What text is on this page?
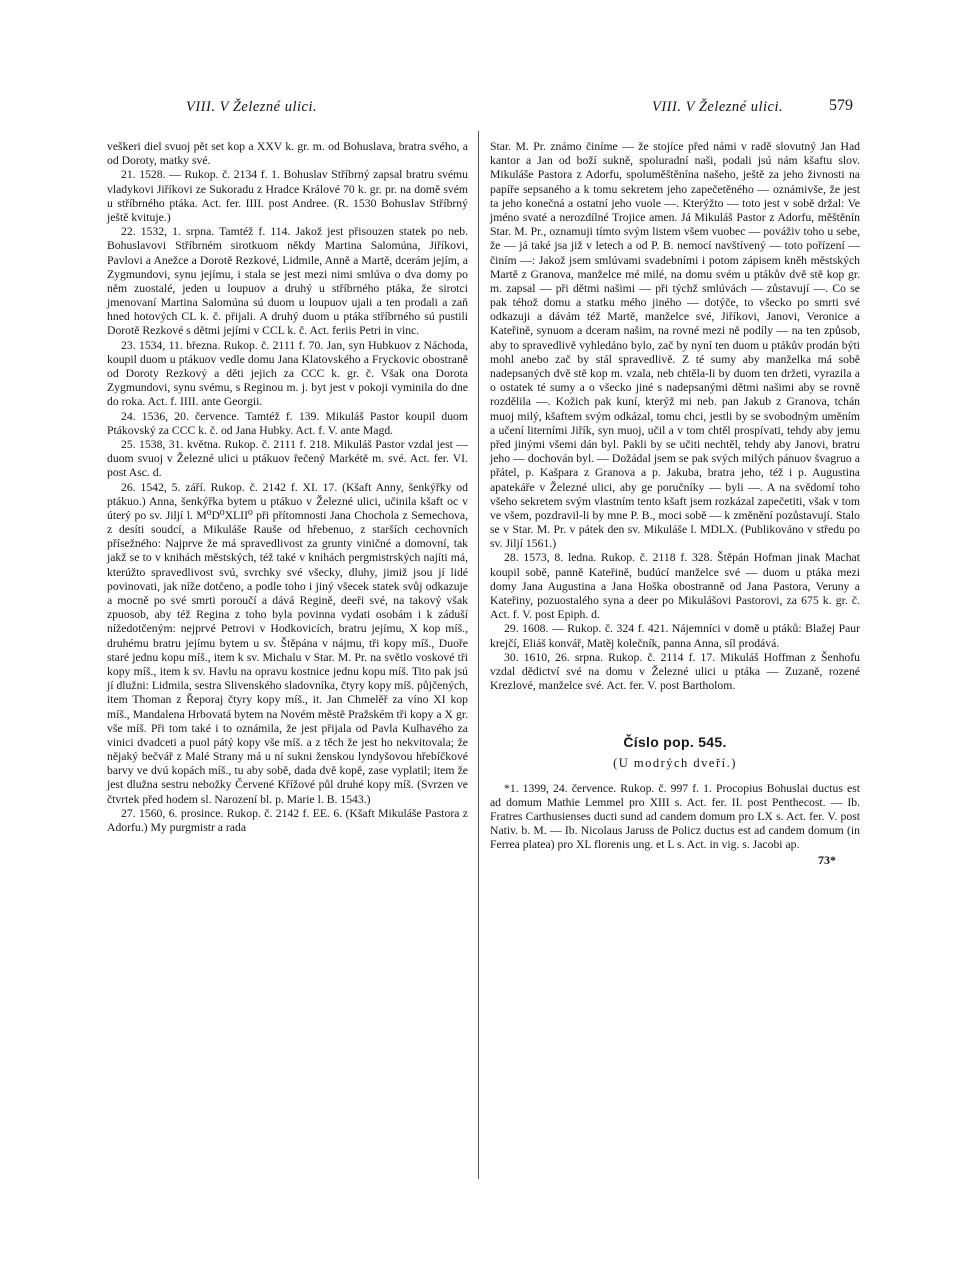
VIII. V Železné ulici.	VIII. V Železné ulici.	579

veškeri diel svuoj pět set kop a XXV k. gr. m. od Bohuslava, bratra svého, a od Doroty, matky své.

21. 1528. — Rukop. č. 2134 f. 1. Bohuslav Stříbrný zapsal bratru svému vladykovi Jiříkovi ze Sukoradu z Hradce Králové 70 k. gr. pr. na domě svém u stříbrného ptáka. Act. fer. IIII. post Andree. (R. 1530 Bohuslav Stříbrný ještě kvituje.)

22. 1532, 1. srpna. Tamtéž f. 114. Jakož jest přisouzen statek po neb. Bohuslavovi Stříbrném sirotkuom někdy Martina Salomúna, Jiříkovi, Pavlovi a Anežce a Dorotě Rezkové, Lidmile, Anně a Martě, dcerám jejím, a Zygmundovi, synu jejímu, i stala se jest mezi nimi smlúva o dva domy po něm zuostalé, jeden u loupuov a druhý u stříbrného ptáka, že sirotci jmenovaní Martina Salomúna sú duom u loupuov ujali a ten prodali a zaň hned hotových CL k. č. přijali. A druhý duom u ptáka stříbrného sú pustili Dorotě Rezkové s dětmi jejími v CCL k. č. Act. feriis Petri in vinc.

23. 1534, 11. března. Rukop. č. 2111 f. 70. Jan, syn Hubkuov z Náchoda, koupil duom u ptákuov vedle domu Jana Klatovského a Fryckovic obostraně od Doroty Rezkový a děti jejich za CCC k. gr. č. Však ona Dorota Zygmundovi, synu svému, s Reginou m. j. byt jest v pokoji vyminila do dne do roka. Act. f. IIII. ante Georgii.

24. 1536, 20. července. Tamtéž f. 139. Mikuláš Pastor koupil duom Ptákovský za CCC k. č. od Jana Hubky. Act. f. V. ante Magd.

25. 1538, 31. května. Rukop. č. 2111 f. 218. Mikuláš Pastor vzdal jest — duom svuoj v Železné ulici u ptákuov řečený Markétě m. své. Act. fer. VI. post Asc. d.

26. 1542, 5. září. Rukop. č. 2142 f. XI. 17. (Kšaft Anny, šenkýřky od ptákuo.) Anna, šenkýřka bytem u ptákuo v Železné ulici, učinila kšaft oc v úterý po sv. Jiljí l. M⁰D⁰XLII⁰ při přítomnosti Jana Chochola z Semechova, z desíti soudcí, a Mikuláše Rauše od hřebenuo, z starších cechovních přísežného: Najprve že má spravedlivost za grunty viničné a domovní, tak jakž se to v knihách městských, též také v knihách pergmistrských najíti má, kterúžto spravedlivost svú, svrchky své všecky, dluhy, jimiž jsou jí lidé povinovati, jak níže dotčeno, a podle toho i jiný všecek statek svůj odkazuje a mocně po své smrti poroučí a dává Regině, deeři své, na takový však zpuosob, aby též Regina z toho byla povinna vydati osobám i k záduší nížedotčeným: nejprvé Petrovi v Hodkovicích, bratru jejímu, X kop míš., druhému bratru jejímu bytem u sv. Štěpána v nájmu, tři kopy míš., Duoře staré jednu kopu míš., item k sv. Michalu v Star. M. Pr. na světlo voskové tři kopy míš., item k sv. Havlu na opravu kostnice jednu kopu míš. Tito pak jsú jí dlužni: Lidmila, sestra Slivenského sladovníka, čtyry kopy míš. půjčených, item Thoman z Řeporaj čtyry kopy míš., it. Jan Chmelěř za víno XI kop míš., Mandalena Hrbovatá bytem na Novém městě Pražském tři kopy a X gr. vše míš. Při tom také i to oznámila, že jest přijala od Pavla Kulhavého za vinici dvadceti a puol pátý kopy vše míš. a z těch že jest ho nekvitovala; že nějaký bečvář z Malé Strany má u ní sukni ženskou lyndyšovou hřebíčkové barvy ve dvú kopách míš., tu aby sobě, dada dvě kopě, zase vyplatil; item že jest dlužna sestru nebožky Červené Křížové půl druhé kopy míš. (Svrzen ve čtvrtek před hodem sl. Narození bl. p. Marie l. B. 1543.)

27. 1560, 6. prosince. Rukop. č. 2142 f. EE. 6. (Kšaft Mikuláše Pastora z Adorfu.) My purgmistr a rada

Star. M. Pr. známo činíme — že stojíce před námi v radě slovutný Jan Had kantor a Jan od boží sukně, spoluradní naši, podali jsú nám kšaftu slov. Mikuláše Pastora z Adorfu, spoluměštěnína našeho, ještě za jeho živnosti na papíře sepsaného a k tomu sekretem jeho zapečetěného — oznámivše, že jest ta jeho konečná a ostatní jeho vuole —. Kterýžto — toto jest v sobě držal: Ve jméno svaté a nerozdílné Trojice amen. Já Mikuláš Pastor z Adorfu, měštěnín Star. M. Pr., oznamuji tímto svým listem všem vuobec — pováživ toho u sebe, že — já také jsa již v letech a od P. B. nemocí navštívený — toto pořízení — činím —: Jakož jsem smlúvami svadebními i potom zápisem kněh městských Martě z Granova, manželce mé milé, na domu svém u ptákův dvě stě kop gr. m. zapsal — při dětmi našimi — při týchž smlúvách — zůstavují —. Co se pak téhož domu a statku mého jiného — dotýče, to všecko po smrti své odkazuji a dávám též Martě, manželce své, Jiříkovi, Janovi, Veronice a Kateřině, synuom a dceram našim, na rovné mezi ně podíly — na ten způsob, aby to spravedlivě vyhledáno bylo, zač by nyní ten duom u ptákův prodán býti mohl anebo zač by stál spravedlivě. Z té sumy aby manželka má sobě nadepsaných dvě stě kop m. vzala, neb chtěla-li by duom ten držeti, vyrazila a o ostatek té sumy a o všecko jiné s nadepsanými dětmi našimi aby se rovně rozdělila —. Kožich pak kuní, kterýž mi neb. pan Jakub z Granova, tchán muoj milý, kšaftem svým odkázal, tomu chci, jestli by se svobodným uměním a učení literními Jiřík, syn muoj, učil a v tom chtěl prospívati, tehdy aby jemu před jinými všemi dán byl. Pakli by se učiti nechtěl, tehdy aby Janovi, bratru jeho — dochován byl. — Dožádal jsem se pak svých milých pánuov švagruo a přátel, p. Kašpara z Granova a p. Jakuba, bratra jeho, též i p. Augustina apatekáře v Železné ulici, aby ge poručníky — byli —. A na svědomí toho všeho sekretem svým vlastním tento kšaft jsem rozkázal zapečetiti, však v tom ve všem, pozdravil-li by mne P. B., moci sobě — k změnění pozůstavují. Stalo se v Star. M. Pr. v pátek den sv. Mikuláše l. MDLX. (Publikováno v středu po sv. Jiljí 1561.)

28. 1573, 8. ledna. Rukop. č. 2118 f. 328. Štěpán Hofman jinak Machat koupil sobě, panně Kateřině, budúcí manželce své — duom u ptáka mezi domy Jana Augustina a Jana Hoška obostranně od Jana Pastora, Veruny a Kateřiny, pozuostalého syna a deer po Mikulášovi Pastorovi, za 675 k. gr. č. Act. f. V. post Epiph. d.

29. 1608. — Rukop. č. 324 f. 421. Nájemníci v domě u ptáků: Blažej Paur krejčí, Eliáš konvář, Matěj kolečník, panna Anna, síl prodává.

30. 1610, 26. srpna. Rukop. č. 2114 f. 17. Mikuláš Hoffman z Šenhofu vzdal dědictví své na domu v Železné ulici u ptáka — Zuzaně, rozené Krezlové, manželce své. Act. fer. V. post Bartholom.

Číslo pop. 545.
(U modrých dveří.)

*1. 1399, 24. července. Rukop. č. 997 f. 1. Procopius Bohuslai ductus est ad domum Mathie Lemmel pro XIII s. Act. fer. II. post Penthecost. — Ib. Fratres Carthusienses ducti sund ad candem domum pro LX s. Act. fer. V. post Nativ. b. M. — Ib. Nicolaus Jaruss de Policz ductus est ad candem domum (in Ferrea platea) pro XL florenis ung. et L s. Act. in vig. s. Jacobi ap.

73*
